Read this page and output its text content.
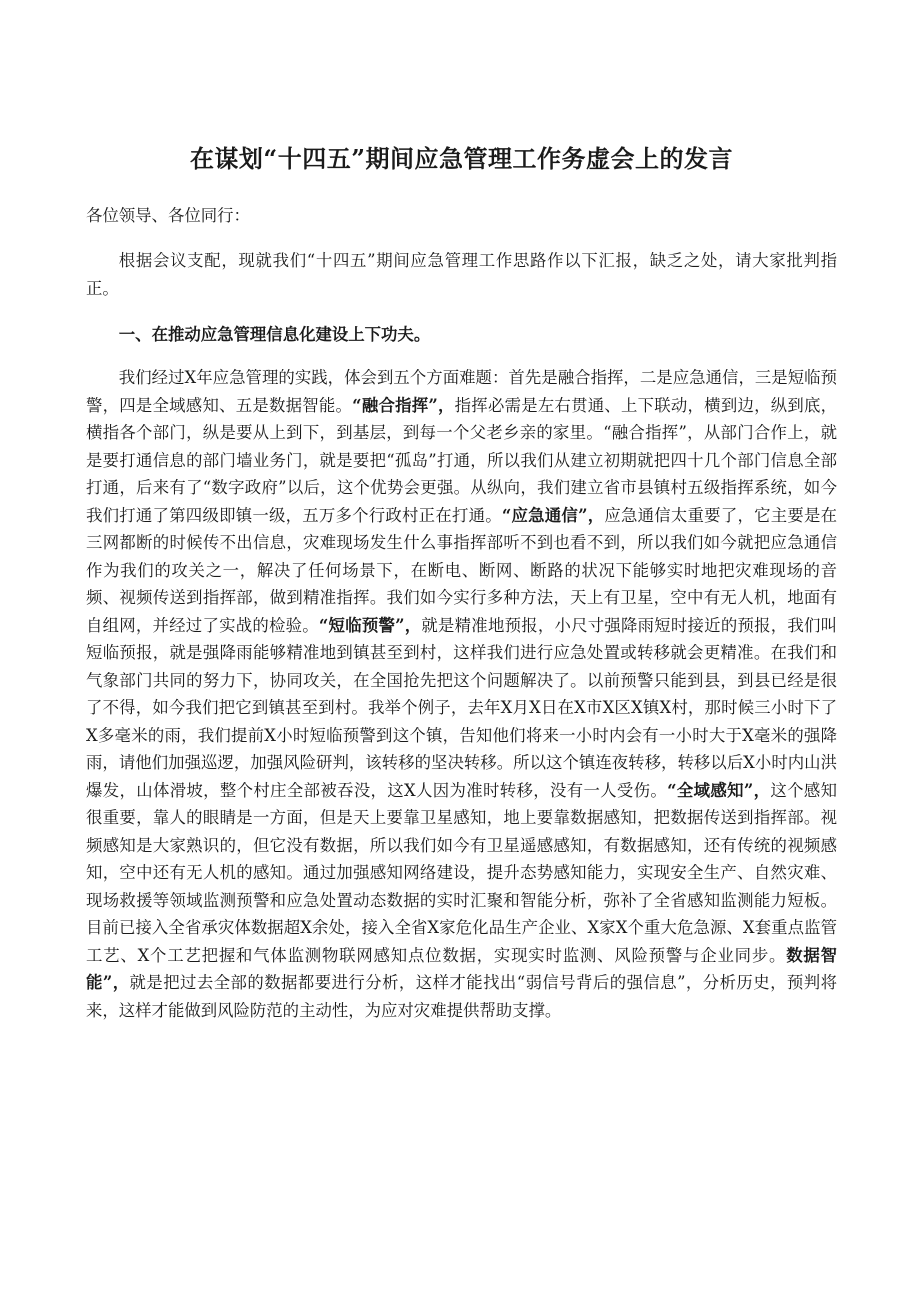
在谋划“十四五”期间应急管理工作务虚会上的发言
各位领导、各位同行：

根据会议支配，现就我们“十四五”期间应急管理工作思路作以下汇报，缺乏之处，请大家批判指正。

一、在推动应急管理信息化建设上下功夫。

我们经过X年应急管理的实践，体会到五个方面难题：首先是融合指挥，二是应急通信，三是短临预警，四是全域感知、五是数据智能。“融合指挥”，指挥必需是左右贯通、上下联动，横到边，纵到底，横指各个部门，纵是要从上到下，到基层，到每一个父老乡亲的家里。“融合指挥”，从部门合作上，就是要打通信息的部门墙业务门，就是要把“孤岛”打通，所以我们从建立初期就把四十几个部门信息全部打通，后来有了“数字政府”以后，这个优势会更强。从纵向，我们建立省市县镇村五级指挥系统，如今我们打通了第四级即镇一级，五万多个行政村正在打通。“应急通信”，应急通信太重要了，它主要是在三网都断的时候传不出信息，灾难现场发生什么事指挥部听不到也看不到，所以我们如今就把应急通信作为我们的攻关之一，解决了任何场景下，在断电、断网、断路的状况下能够实时地把灾难现场的音频、视频传送到指挥部，做到精准指挥。我们如今实行多种方法，天上有卫星，空中有无人机，地面有自组网，并经过了实战的检验。“短临预警”，就是精准地预报，小尺寸强降雨短时接近的预报，我们叫短临预报，就是强降雨能够精准地到镇甚至到村，这样我们进行应急处置或转移就会更精准。在我们和气象部门共同的努力下，协同攻关，在全国抢先把这个问题解决了。以前预警只能到县，到县已经是很了不得，如今我们把它到镇甚至到村。我举个例子，去年X月X日在X市X区X镇X村，那时候三小时下了X多毫米的雨，我们提前X小时短临预警到这个镇，告知他们将来一小时内会有一小时大于X毫米的强降雨，请他们加强巡逻，加强风险研判，该转移的坚决转移。所以这个镇连夜转移，转移以后X小时内山洪爆发，山体滑坡，整个村庄全部被吞没，这X人因为准时转移，没有一人受伤。“全域感知”，这个感知很重要，靠人的眼睛是一方面，但是天上要靠卫星感知，地上要靠数据感知，把数据传送到指挥部。视频感知是大家熟识的，但它没有数据，所以我们如今有卫星遥感感知，有数据感知，还有传统的视频感知，空中还有无人机的感知。通过加强感知网络建设，提升态势感知能力，实现安全生产、自然灾难、现场救援等领域监测预警和应急处置动态数据的实时汇聚和智能分析，弥补了全省感知监测能力短板。目前已接入全省承灾体数据超X余处，接入全省X家危化品生产企业、X家X个重大危急源、X套重点监管工艺、X个工艺把握和气体监测物联网感知点位数据，实现实时监测、风险预警与企业同步。数据智能”，就是把过去全部的数据都要进行分析，这样才能找出“弱信号背后的强信息”，分析历史，预判将来，这样才能做到风险防范的主动性，为应对灾难提供帮助支撑。
